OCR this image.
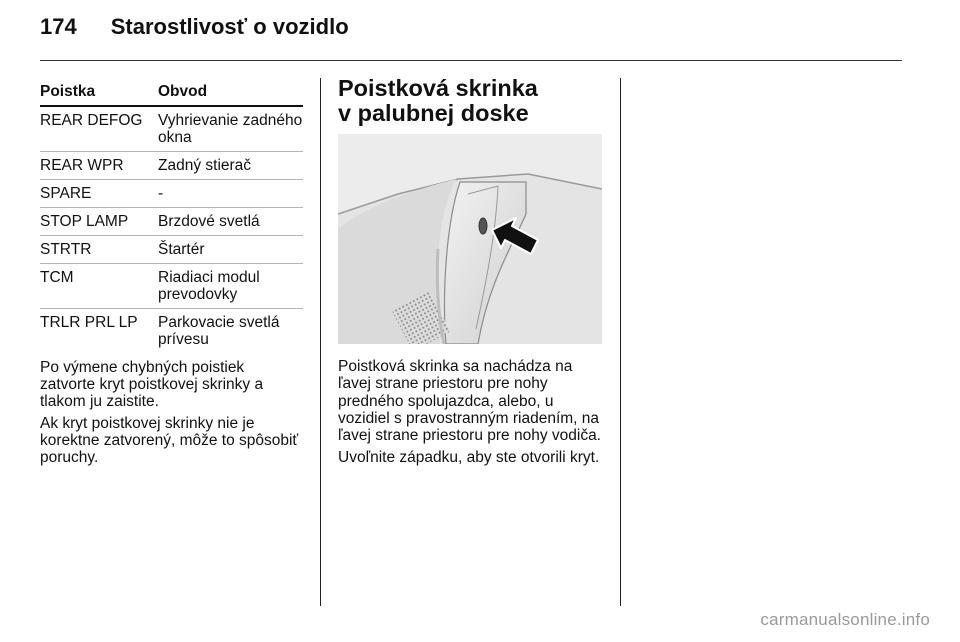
174 Starostlivosť o vozidlo
Poistka	Obvod
REAR DEFOG	Vyhrievanie zadného okna
REAR WPR	Zadný stierač
SPARE	-
STOP LAMP	Brzdové svetlá
STRTR	Štartér
TCM	Riadiaci modul prevodovky
TRLR PRL LP	Parkovacie svetlá prívesu

Po výmene chybných poistiek zatvorte kryt poistkovej skrinky a tlakom ju zaistite.

Ak kryt poistkovej skrinky nie je korektne zatvorený, môže to spôsobiť poruchy.

Poistková skrinka
v palubnej doske

Poistková skrinka sa nachádza na ľavej strane priestoru pre nohy predného spolujazdca, alebo, u vozidiel s pravostranným riadením, na ľavej strane priestoru pre nohy vodiča.

Uvoľnite západku, aby ste otvorili kryt.

carmanualsonline.info
